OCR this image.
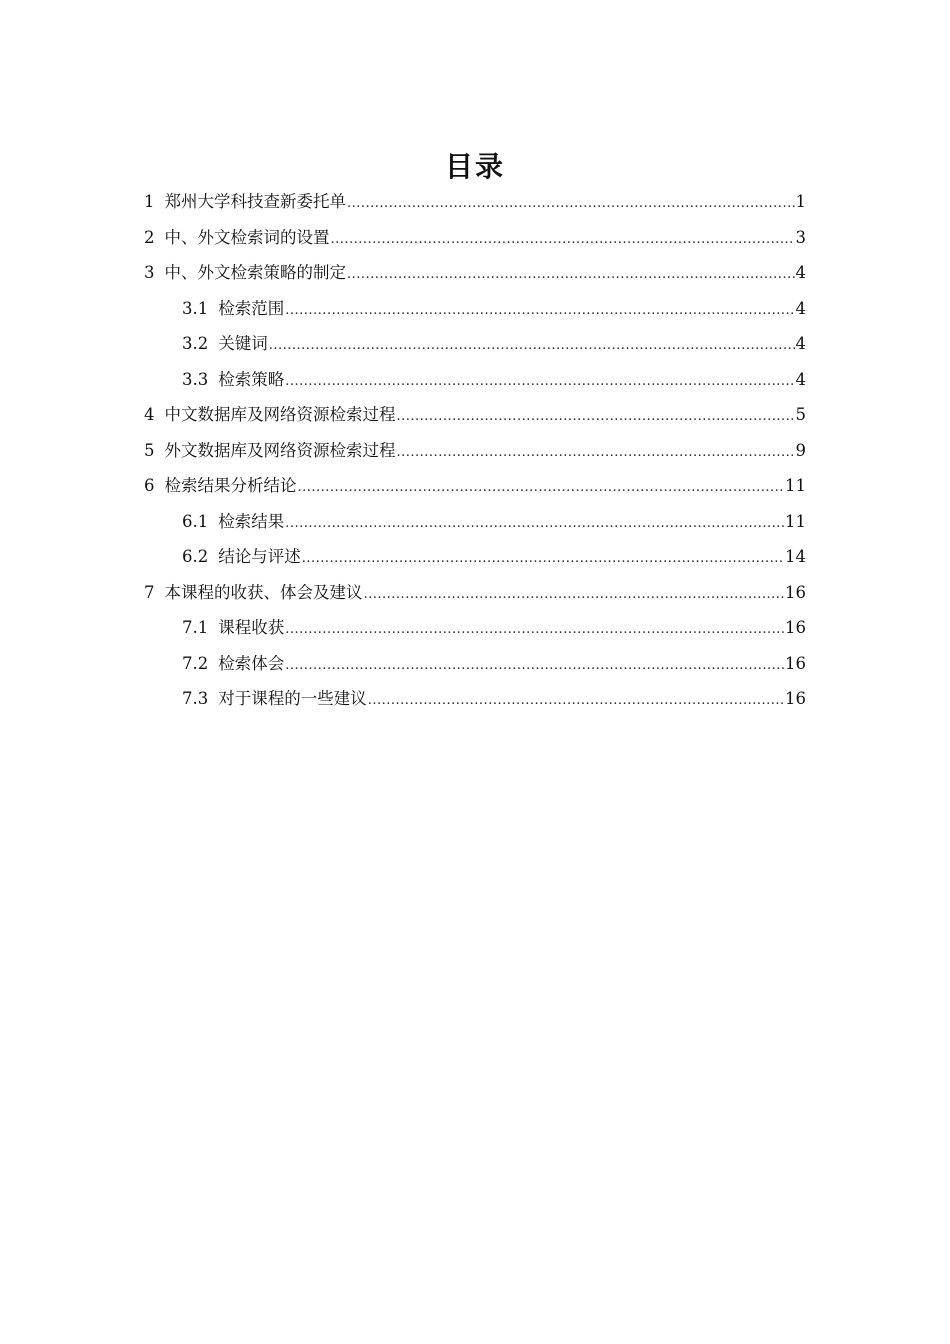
目录
1 郑州大学科技查新委托单 .....	1
2 中、外文检索词的设置 .....	3
3 中、外文检索策略的制定 .....	4
3.1 检索范围 .....	4
3.2 关键词 .....	4
3.3 检索策略 .....	4
4 中文数据库及网络资源检索过程 .....	5
5 外文数据库及网络资源检索过程 .....	9
6 检索结果分析结论 .....	11
6.1 检索结果 .....	11
6.2 结论与评述 .....	14
7 本课程的收获、体会及建议 .....	16
7.1 课程收获 .....	16
7.2 检索体会 .....	16
7.3 对于课程的一些建议 .....	16
